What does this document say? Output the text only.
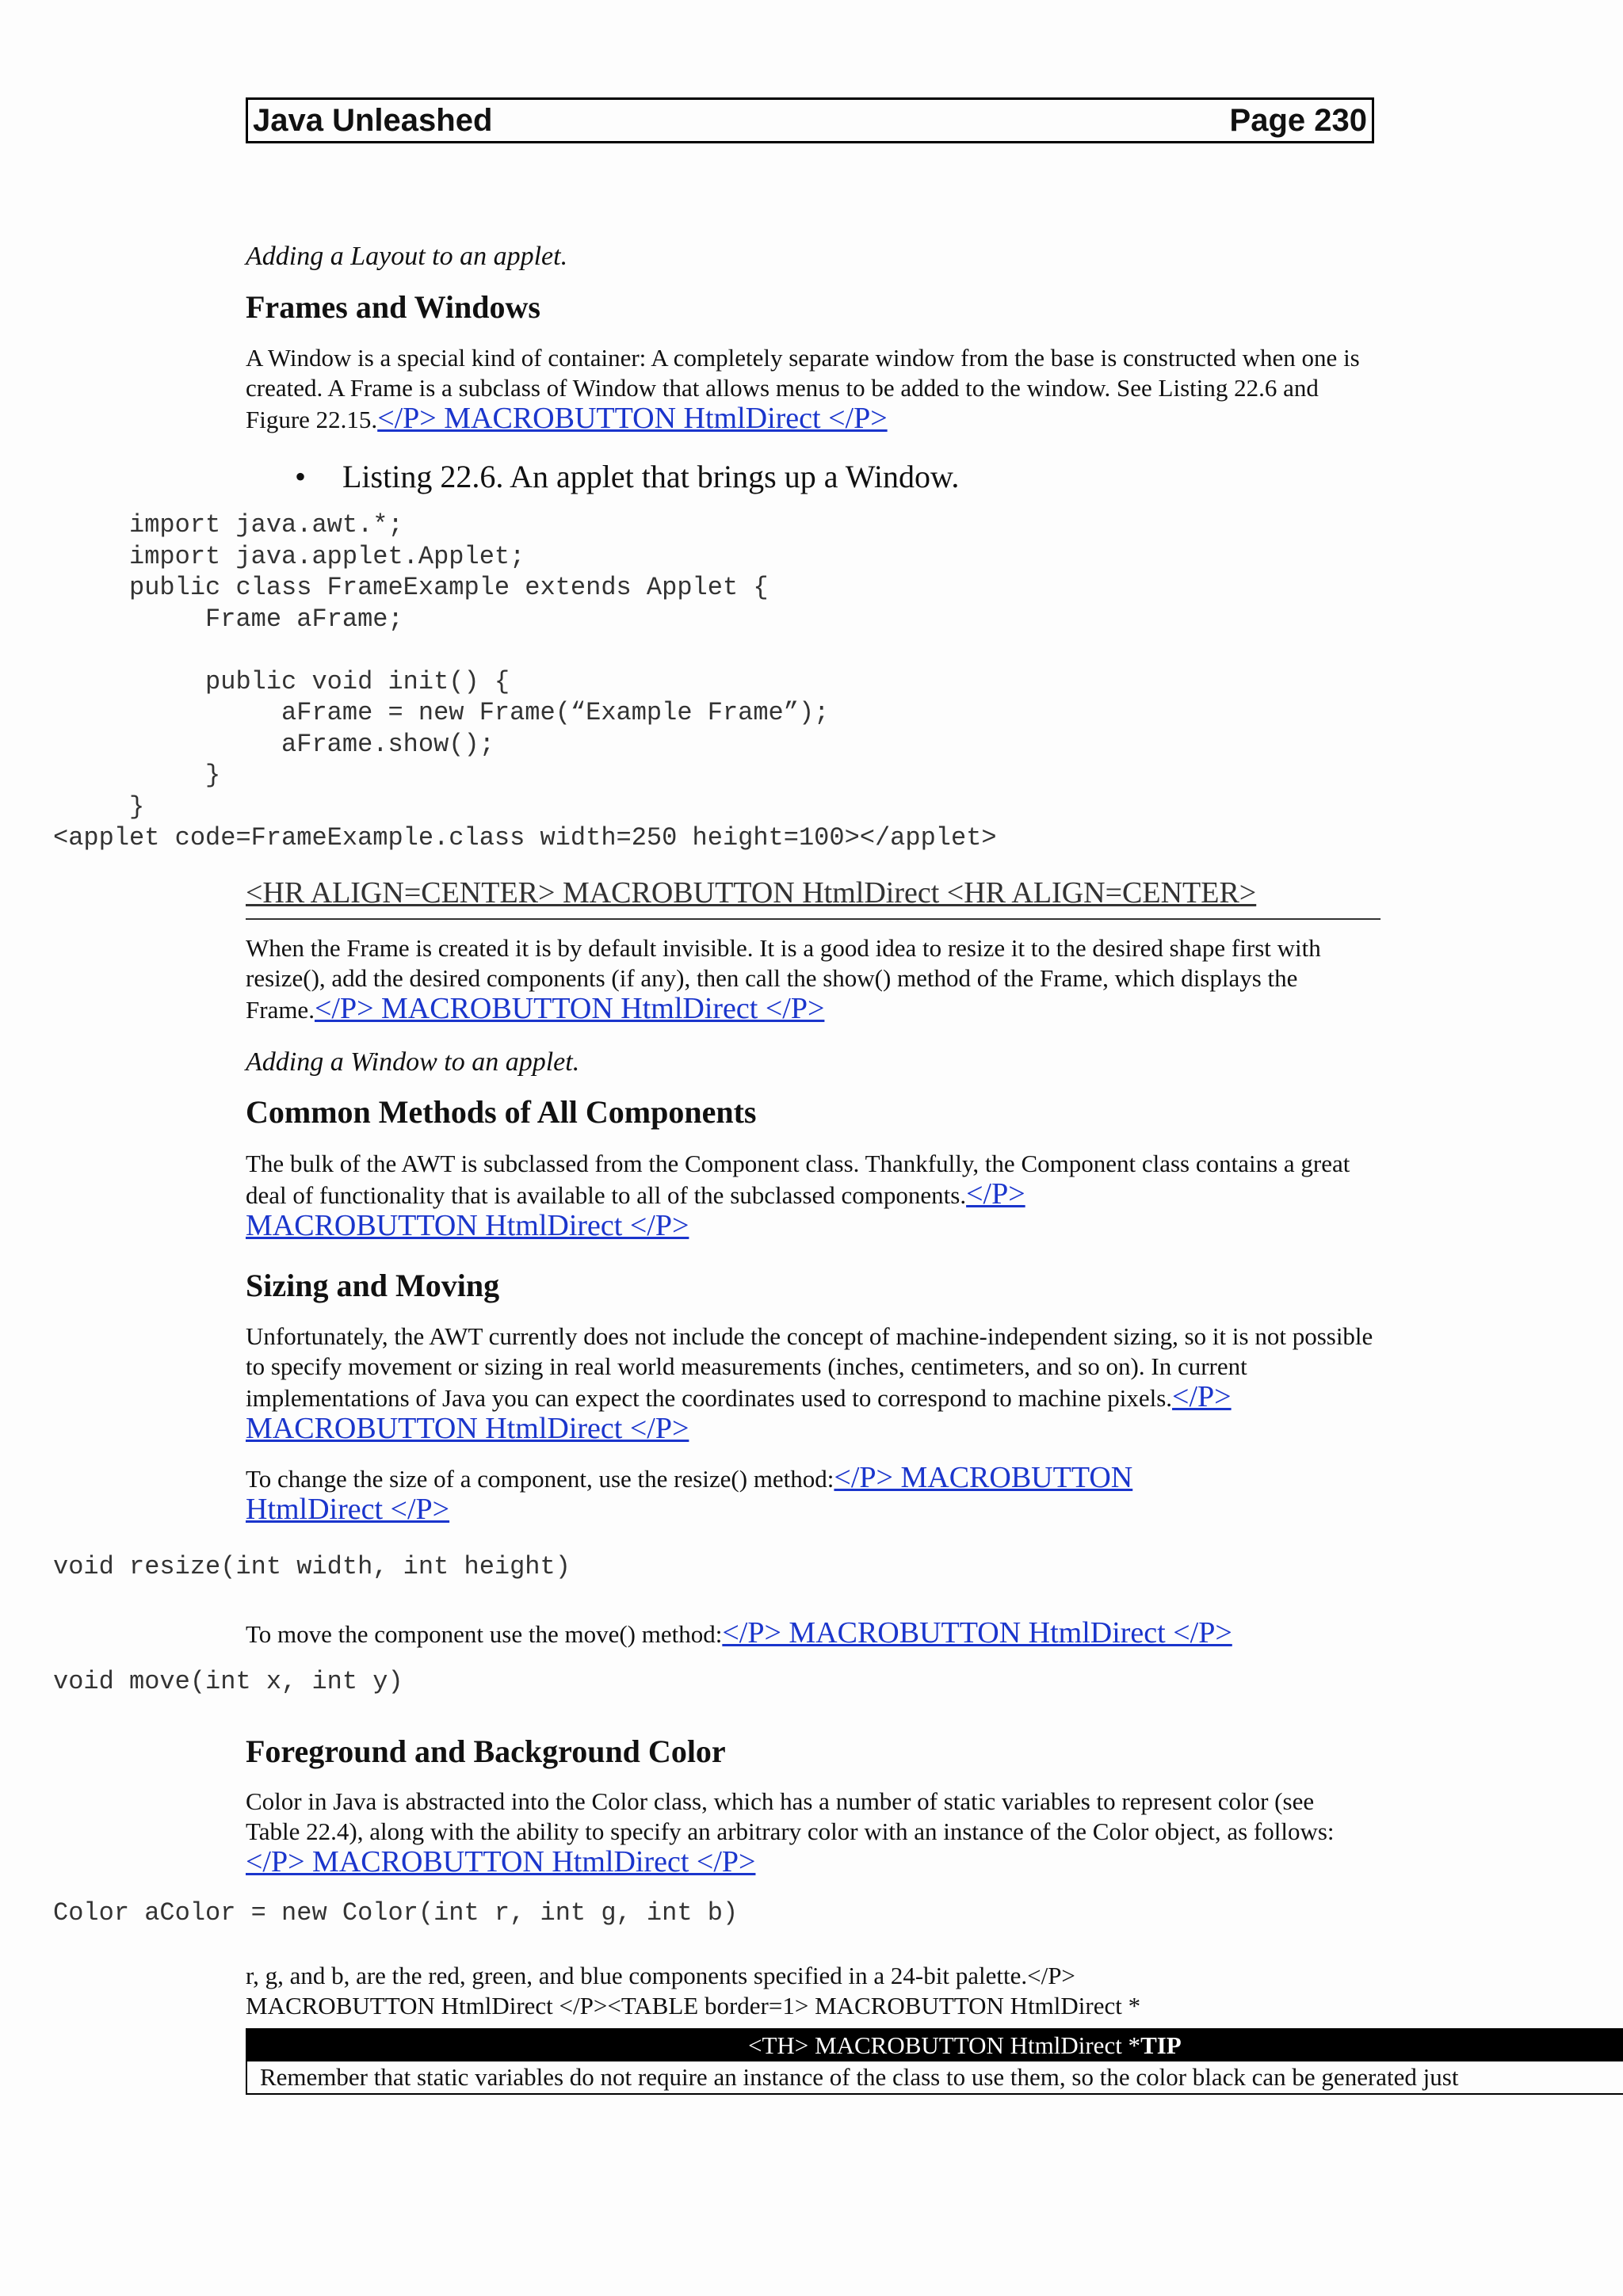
Java Unleashed	Page 230
Adding a Layout to an applet.
Frames and Windows
A Window is a special kind of container: A completely separate window from the base is constructed when one is created. A Frame is a subclass of Window that allows menus to be added to the window. See Listing 22.6 and Figure 22.15.</P> MACROBUTTON HtmlDirect </P>
• Listing 22.6. An applet that brings up a Window.
import java.awt.*;
import java.applet.Applet;
public class FrameExample extends Applet {
Frame aFrame;

public void init() {
aFrame = new Frame(“Example Frame”);
aFrame.show();
}
}
<applet code=FrameExample.class width=250 height=100></applet>
<HR ALIGN=CENTER> MACROBUTTON HtmlDirect <HR ALIGN=CENTER>
When the Frame is created it is by default invisible. It is a good idea to resize it to the desired shape first with resize(), add the desired components (if any), then call the show() method of the Frame, which displays the Frame.</P> MACROBUTTON HtmlDirect </P>
Adding a Window to an applet.
Common Methods of All Components
The bulk of the AWT is subclassed from the Component class. Thankfully, the Component class contains a great deal of functionality that is available to all of the subclassed components.</P>
MACROBUTTON HtmlDirect </P>
Sizing and Moving
Unfortunately, the AWT currently does not include the concept of machine-independent sizing, so it is not possible to specify movement or sizing in real world measurements (inches, centimeters, and so on). In current implementations of Java you can expect the coordinates used to correspond to machine pixels.</P> MACROBUTTON HtmlDirect </P>
To change the size of a component, use the resize() method:</P> MACROBUTTON
HtmlDirect </P>
void resize(int width, int height)
To move the component use the move() method:</P> MACROBUTTON HtmlDirect </P>
void move(int x, int y)
Foreground and Background Color
Color in Java is abstracted into the Color class, which has a number of static variables to represent color (see Table 22.4), along with the ability to specify an arbitrary color with an instance of the Color object, as follows:</P> MACROBUTTON HtmlDirect </P>
Color aColor = new Color(int r, int g, int b)
r, g, and b, are the red, green, and blue components specified in a 24-bit palette.</P>
MACROBUTTON HtmlDirect </P><TABLE border=1> MACROBUTTON HtmlDirect *
<TH> MACROBUTTON HtmlDirect *TIP
Remember that static variables do not require an instance of the class to use them, so the color black can be generated just
